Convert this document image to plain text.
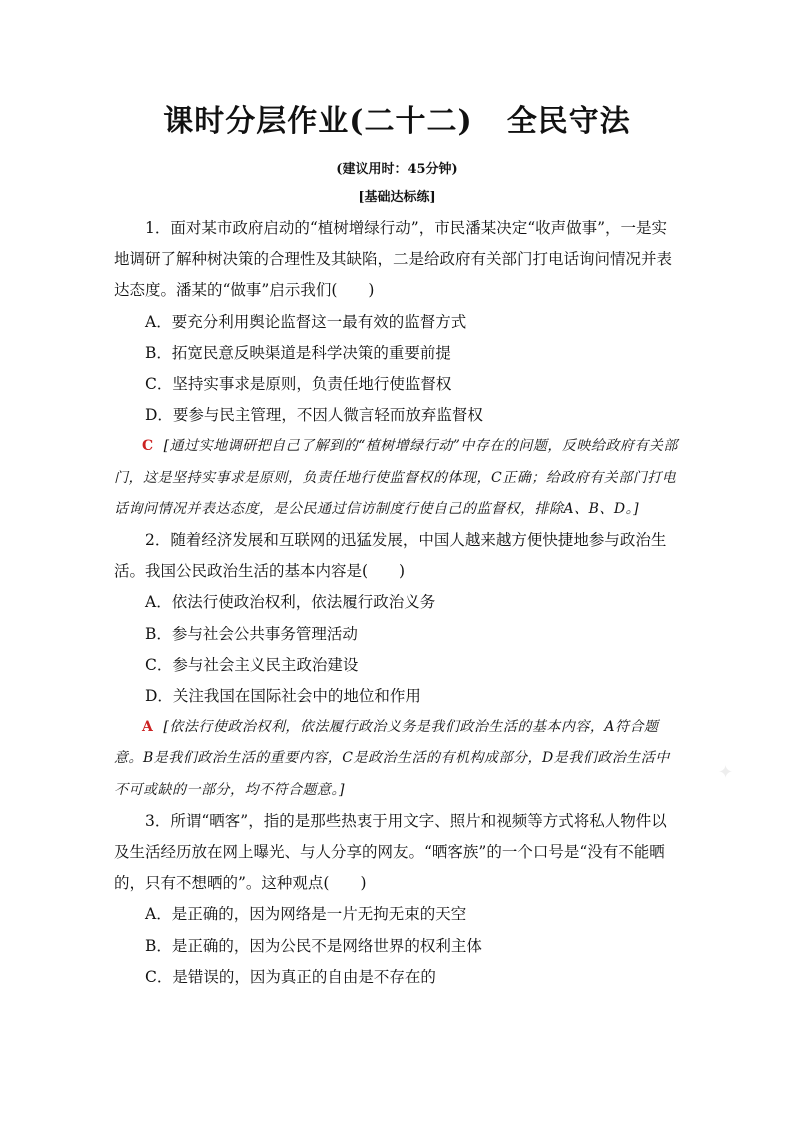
课时分层作业(二十二) 全民守法
(建议用时：45分钟)
[基础达标练]

1．面对某市政府启动的“植树增绿行动”，市民潘某决定“收声做事”，一是实地调研了解种树决策的合理性及其缺陷，二是给政府有关部门打电话询问情况并表达态度。潘某的“做事”启示我们(　　)

A．要充分利用舆论监督这一最有效的监督方式

B．拓宽民意反映渠道是科学决策的重要前提

C．坚持实事求是原则，负责任地行使监督权

D．要参与民主管理，不因人微言轻而放弃监督权

C [通过实地调研把自己了解到的“植树增绿行动”中存在的问题，反映给政府有关部门，这是坚持实事求是原则，负责任地行使监督权的体现，C正确；给政府有关部门打电话询问情况并表达态度，是公民通过信访制度行使自己的监督权，排除A、B、D。]

2．随着经济发展和互联网的迅猛发展，中国人越来越方便快捷地参与政治生活。我国公民政治生活的基本内容是(　　)

A．依法行使政治权利，依法履行政治义务

B．参与社会公共事务管理活动

C．参与社会主义民主政治建设

D．关注我国在国际社会中的地位和作用

A [依法行使政治权利，依法履行政治义务是我们政治生活的基本内容，A符合题意。B是我们政治生活的重要内容，C是政治生活的有机构成部分，D是我们政治生活中不可或缺的一部分，均不符合题意。]

3．所谓“晒客”，指的是那些热衷于用文字、照片和视频等方式将私人物件以及生活经历放在网上曝光、与人分享的网友。“晒客族”的一个口号是“没有不能晒的，只有不想晒的”。这种观点(　　)

A．是正确的，因为网络是一片无拘无束的天空

B．是正确的，因为公民不是网络世界的权利主体

C．是错误的，因为真正的自由是不存在的

✦
